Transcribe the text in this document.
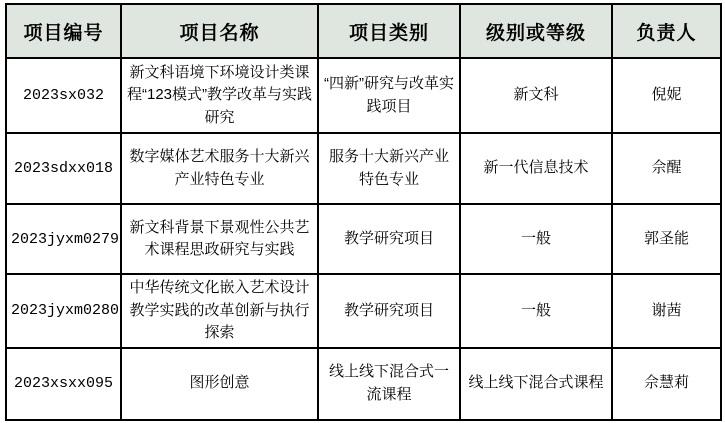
项目编号	项目名称	项目类别	级别或等级	负责人
2023sx032	新文科语境下环境设计类课程“123模式”教学改革与实践研究	“四新”研究与改革实践项目	新文科	倪妮
2023sdxx018	数字媒体艺术服务十大新兴产业特色专业	服务十大新兴产业特色专业	新一代信息技术	佘醒
2023jyxm0279	新文科背景下景观性公共艺术课程思政研究与实践	教学研究项目	一般	郭圣能
2023jyxm0280	中华传统文化嵌入艺术设计教学实践的改革创新与执行探索	教学研究项目	一般	谢茜
2023xsxx095	图形创意	线上线下混合式一流课程	线上线下混合式课程	佘慧莉
